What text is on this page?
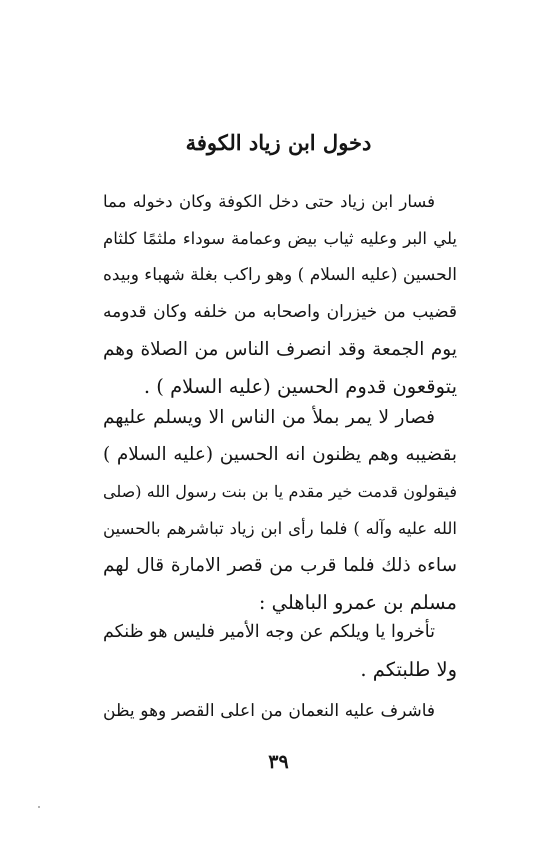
دخول ابن زياد الكوفة
فسار ابن زياد حتى دخل الكوفة وكان دخوله مما
يلي البر وعليه ثياب بيض وعمامة سوداء ملثمًا كلثام
الحسين (عليه السلام ) وهو راكب بغلة شهباء وبيده
قضيب من خيزران واصحابه من خلفه وكان قدومه
يوم الجمعة وقد انصرف الناس من الصلاة وهم
يتوقعون قدوم الحسين (عليه السلام ) .
فصار لا يمر بملأ من الناس الا ويسلم عليهم
بقضيبه وهم يظنون انه الحسين (عليه السلام )
فيقولون قدمت خير مقدم يا بن بنت رسول الله (صلى
الله عليه وآله ) فلما رأى ابن زياد تباشرهم بالحسين
ساءه ذلك فلما قرب من قصر الامارة قال لهم
مسلم بن عمرو الباهلي :
تأخروا يا ويلكم عن وجه الأمير فليس هو ظنكم
ولا طلبتكم .
فاشرف عليه النعمان من اعلى القصر وهو يظن
٣٩
